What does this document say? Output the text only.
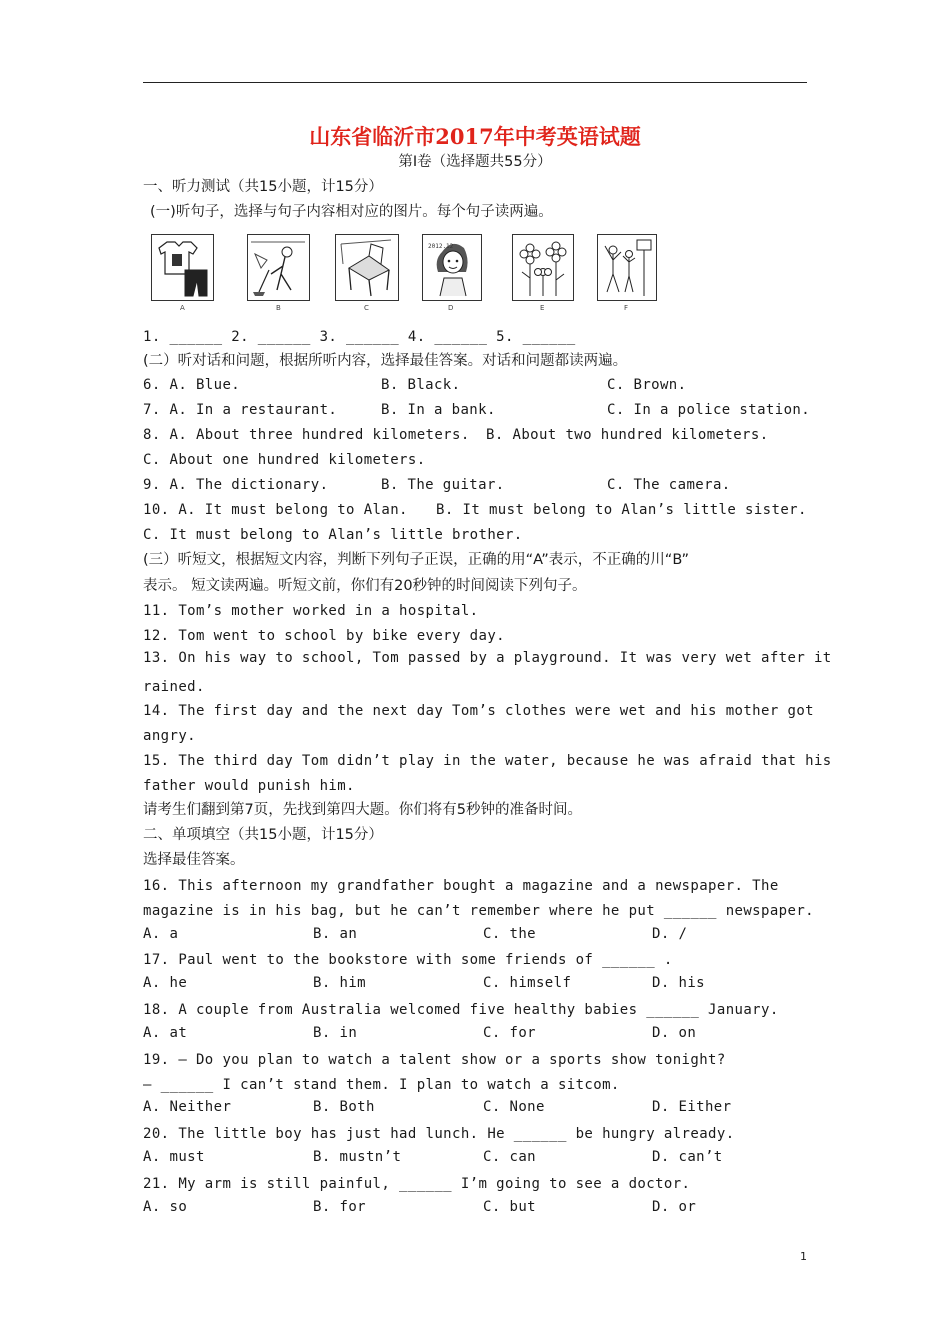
山东省临沂市2017年中考英语试题
第Ⅰ卷（选择题共55分）
一、听力测试（共15小题，计15分）
(一)听句子，选择与句子内容相对应的图片。每个句子读两遍。
A	B	C
2012.12
D	E	F
1. ______ 2. ______ 3. ______ 4. ______ 5. ______
(二）听对话和问题，根据所听内容，选择最佳答案。对话和问题都读两遍。
6. A. Blue.	B. Black.	C. Brown.
7. A. In a restaurant.	B. In a bank.	C. In a police station.
8. A. About three hundred kilometers. B. About two hundred kilometers.
C. About one hundred kilometers.
9. A. The dictionary.	B. The guitar.	C. The camera.
10. A. It must belong to Alan. B. It must belong to Alan’s little sister.
C. It must belong to Alan’s little brother.
(三）听短文，根据短文内容，判断下列句子正误，正确的用“A”表示，不正确的川“B”
表示。 短文读两遍。听短文前，你们有20秒钟的时间阅读下列句子。
11. Tom’s mother worked in a hospital.
12. Tom went to school by bike every day.
13. On his way to school, Tom passed by a playground. It was very wet after it
rained.
14. The first day and the next day Tom’s clothes were wet and his mother got
angry.
15. The third day Tom didn’t play in the water, because he was afraid that his
father would punish him.
请考生们翻到第7页，先找到第四大题。你们将有5秒钟的准备时间。
二、单项填空（共15小题，计15分）
选择最佳答案。
16. This afternoon my grandfather bought a magazine and a newspaper. The
magazine is in his bag, but he can’t remember where he put ______ newspaper.
A. a	B. an	C. the	D. /
17. Paul went to the bookstore with some friends of ______ .
A. he	B. him	C. himself	D. his
18. A couple from Australia welcomed five healthy babies ______ January.
A. at	B. in	C. for	D. on
19. — Do you plan to watch a talent show or a sports show tonight?
— ______ I can’t stand them. I plan to watch a sitcom.
A. Neither	B. Both	C. None	D. Either
20. The little boy has just had lunch. He ______ be hungry already.
A. must	B. mustn’t	C. can	D. can’t
21. My arm is still painful, ______ I’m going to see a doctor.
A. so	B. for	C. but	D. or
1
